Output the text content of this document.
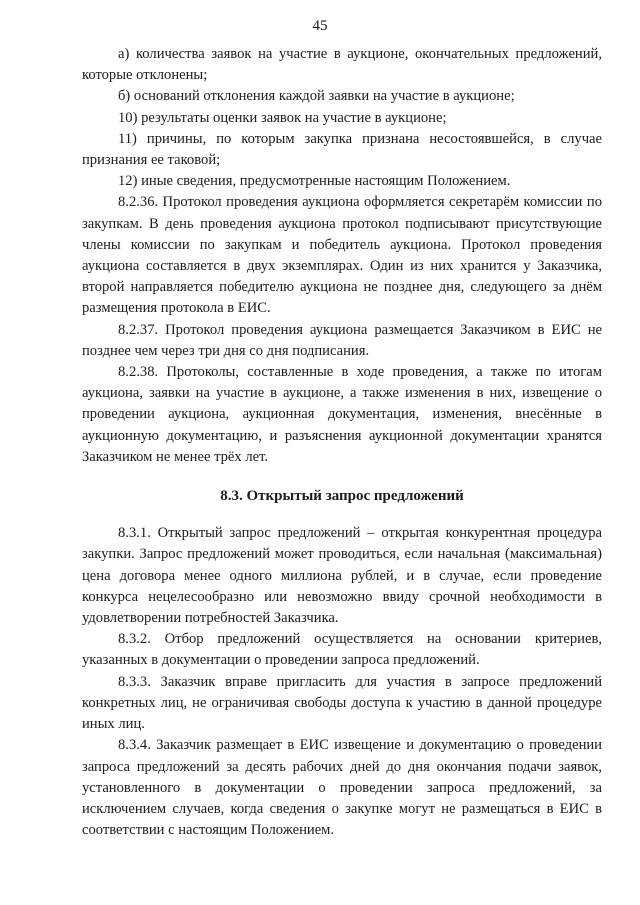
45

а) количества заявок на участие в аукционе, окончательных предложений, которые отклонены;

б) оснований отклонения каждой заявки на участие в аукционе;

10) результаты оценки заявок на участие в аукционе;

11) причины, по которым закупка признана несостоявшейся, в случае признания ее таковой;

12) иные сведения, предусмотренные настоящим Положением.

8.2.36. Протокол проведения аукциона оформляется секретарём комиссии по закупкам. В день проведения аукциона протокол подписывают присутствующие члены комиссии по закупкам и победитель аукциона. Протокол проведения аукциона составляется в двух экземплярах. Один из них хранится у Заказчика, второй направляется победителю аукциона не позднее дня, следующего за днём размещения протокола в ЕИС.

8.2.37. Протокол проведения аукциона размещается Заказчиком в ЕИС не позднее чем через три дня со дня подписания.

8.2.38. Протоколы, составленные в ходе проведения, а также по итогам аукциона, заявки на участие в аукционе, а также изменения в них, извещение о проведении аукциона, аукционная документация, изменения, внесённые в аукционную документацию, и разъяснения аукционной документации хранятся Заказчиком не менее трёх лет.

8.3. Открытый запрос предложений

8.3.1. Открытый запрос предложений – открытая конкурентная процедура закупки. Запрос предложений может проводиться, если начальная (максимальная) цена договора менее одного миллиона рублей, и в случае, если проведение конкурса нецелесообразно или невозможно ввиду срочной необходимости в удовлетворении потребностей Заказчика.

8.3.2. Отбор предложений осуществляется на основании критериев, указанных в документации о проведении запроса предложений.

8.3.3. Заказчик вправе пригласить для участия в запросе предложений конкретных лиц, не ограничивая свободы доступа к участию в данной процедуре иных лиц.

8.3.4. Заказчик размещает в ЕИС извещение и документацию о проведении запроса предложений за десять рабочих дней до дня окончания подачи заявок, установленного в документации о проведении запроса предложений, за исключением случаев, когда сведения о закупке могут не размещаться в ЕИС в соответствии с настоящим Положением.
